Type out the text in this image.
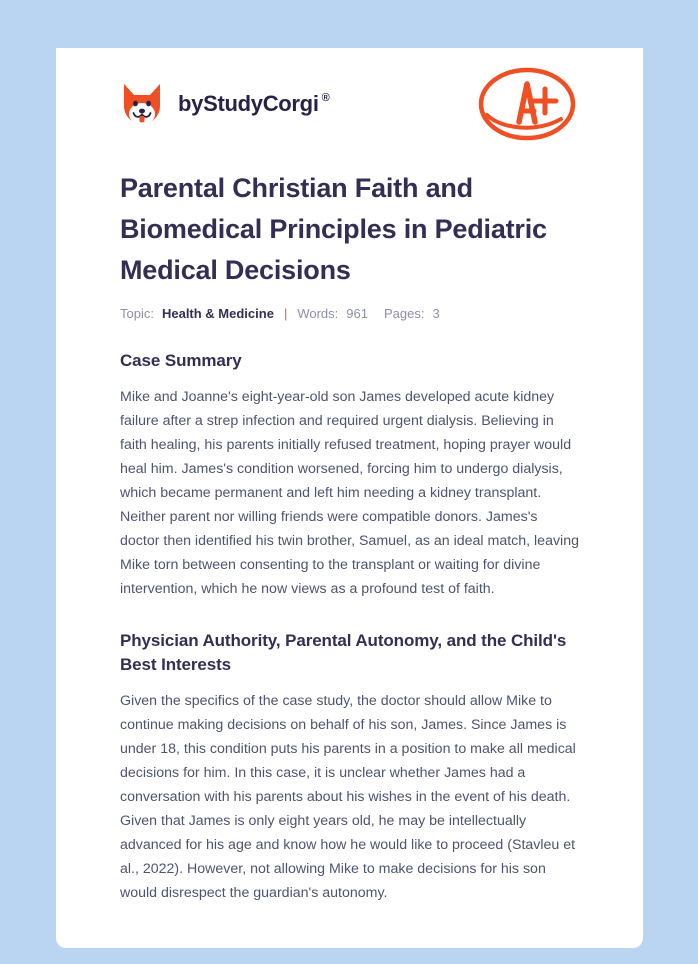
by StudyCorgi ®
Parental Christian Faith and Biomedical Principles in Pediatric Medical Decisions
Topic: Health & Medicine | Words: 961 Pages: 3
Case Summary

Mike and Joanne's eight-year-old son James developed acute kidney failure after a strep infection and required urgent dialysis. Believing in faith healing, his parents initially refused treatment, hoping prayer would heal him. James's condition worsened, forcing him to undergo dialysis, which became permanent and left him needing a kidney transplant. Neither parent nor willing friends were compatible donors. James's doctor then identified his twin brother, Samuel, as an ideal match, leaving Mike torn between consenting to the transplant or waiting for divine intervention, which he now views as a profound test of faith.

Physician Authority, Parental Autonomy, and the Child's Best Interests

Given the specifics of the case study, the doctor should allow Mike to continue making decisions on behalf of his son, James. Since James is under 18, this condition puts his parents in a position to make all medical decisions for him. In this case, it is unclear whether James had a conversation with his parents about his wishes in the event of his death. Given that James is only eight years old, he may be intellectually advanced for his age and know how he would like to proceed (Stavleu et al., 2022). However, not allowing Mike to make decisions for his son would disrespect the guardian's autonomy.
